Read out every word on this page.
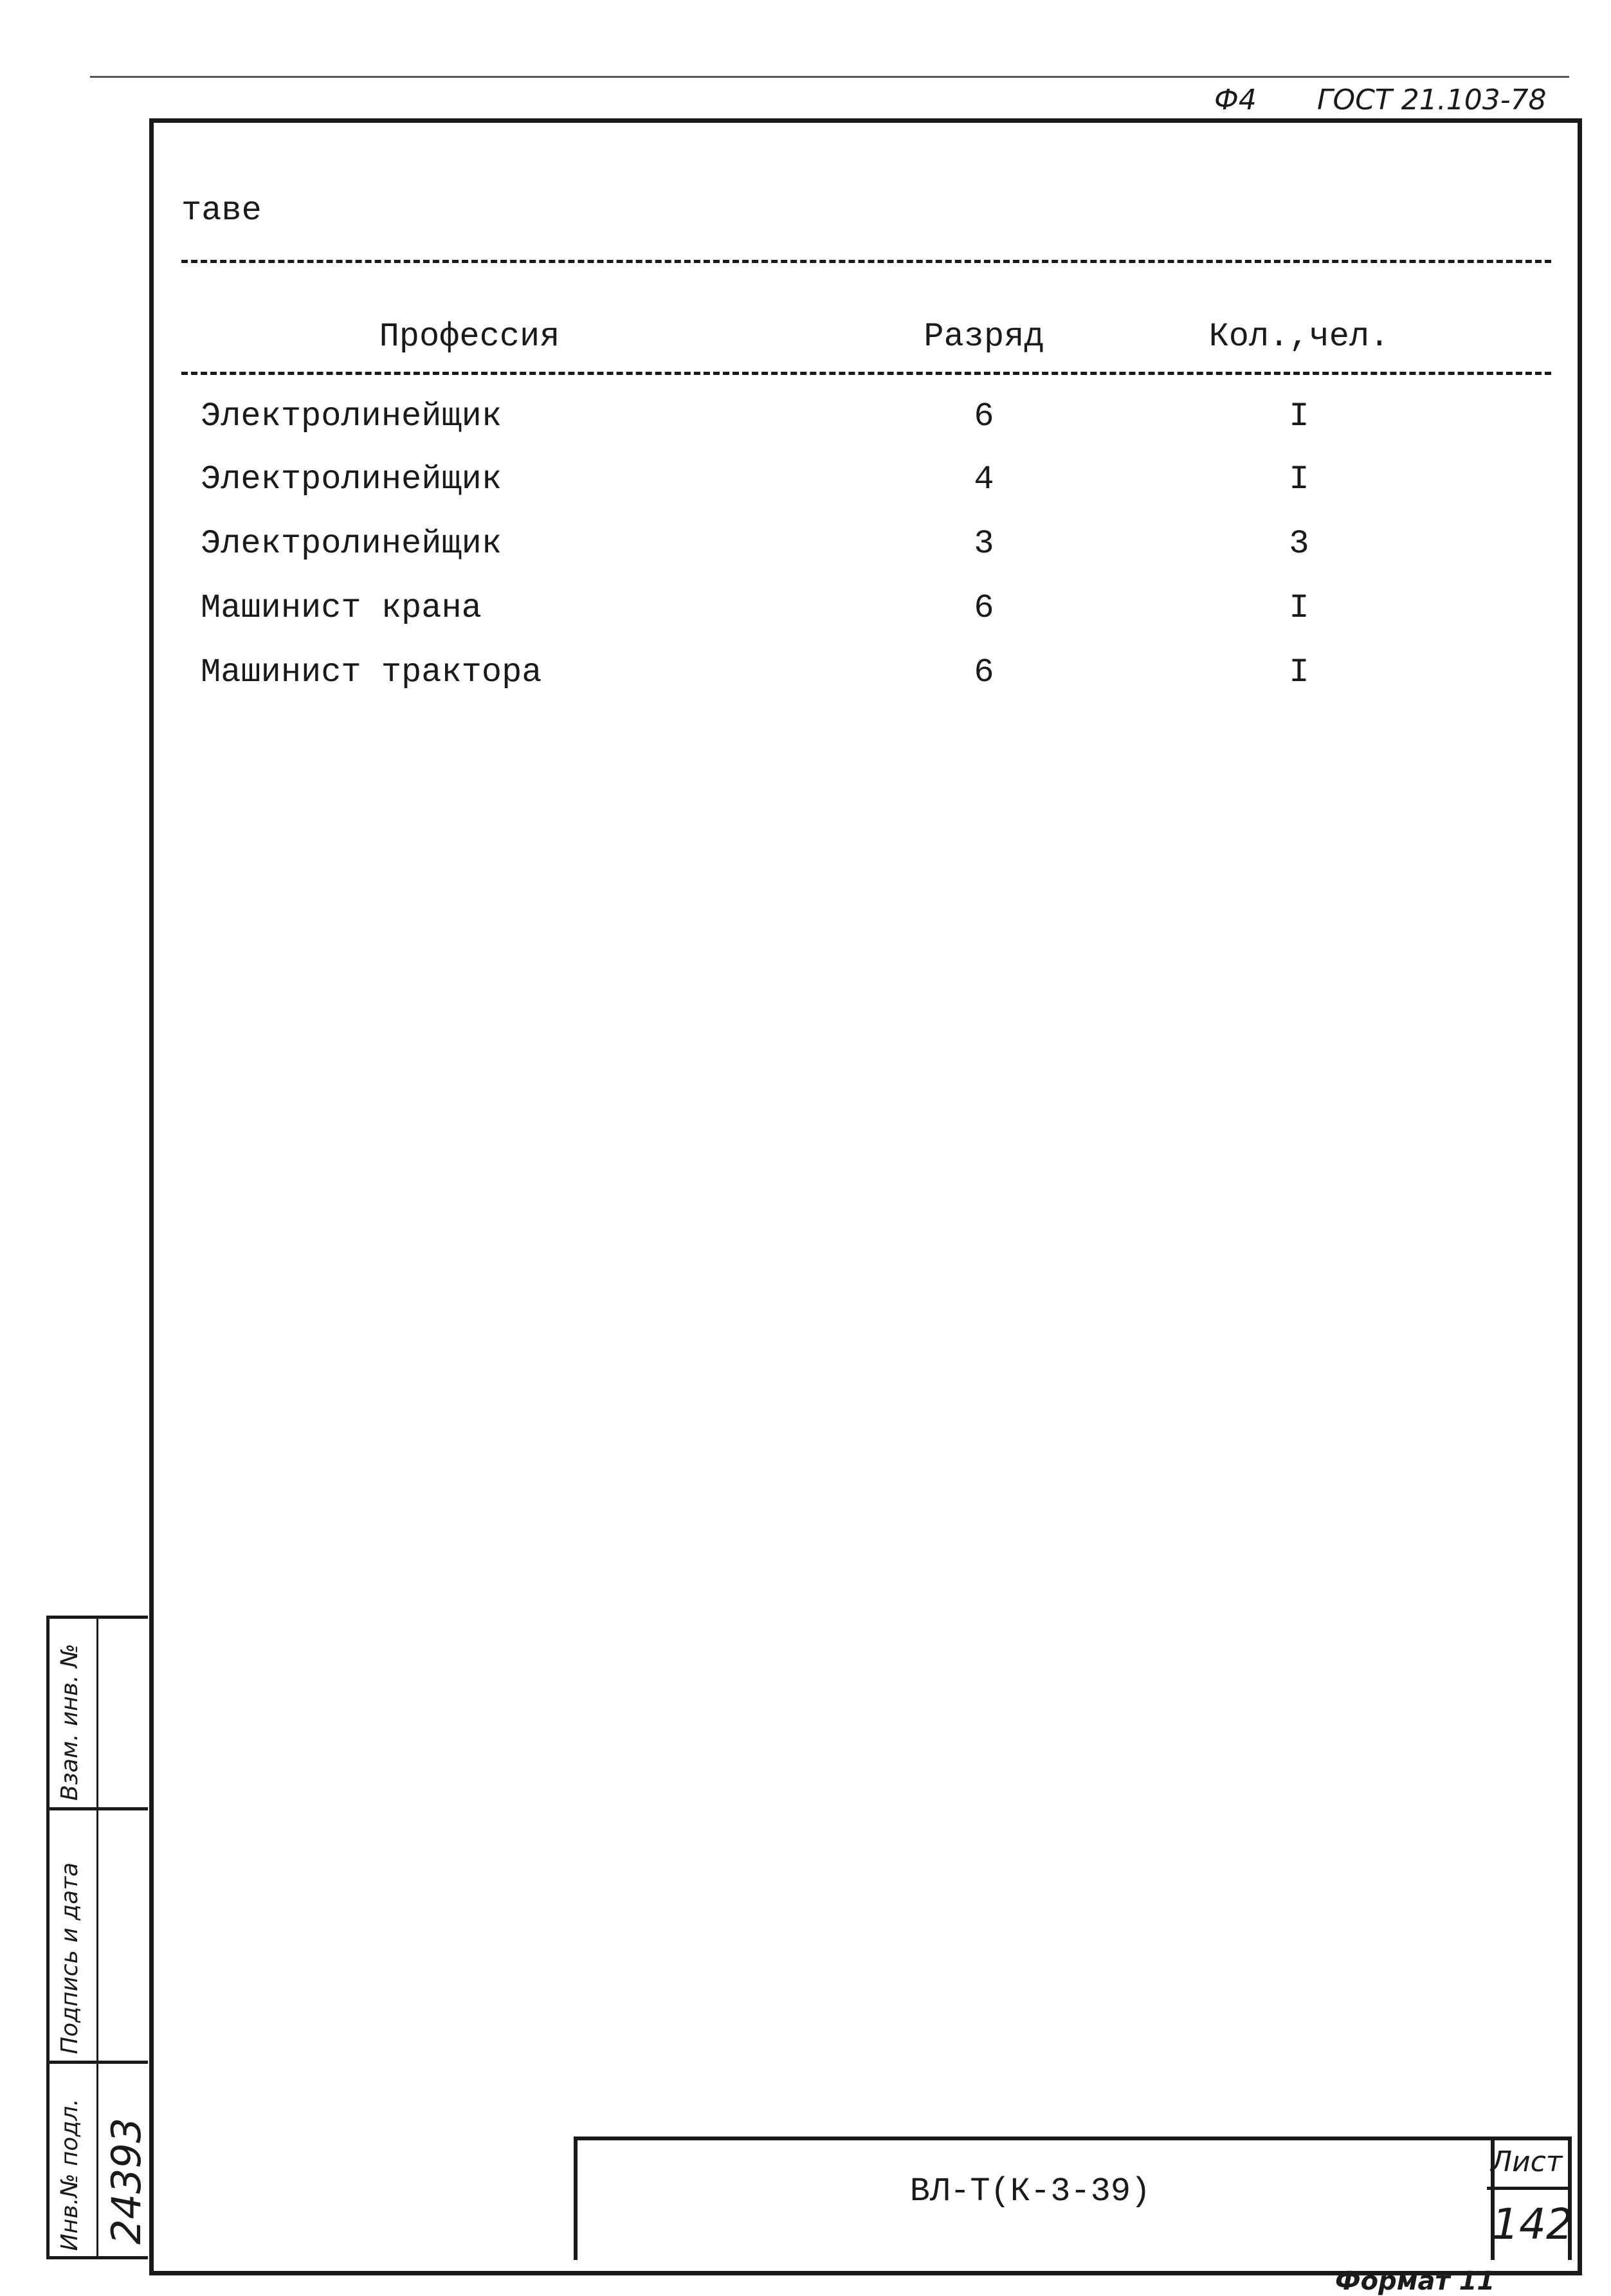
Ф4 ГОСТ 21.103-78
таве
Профессия	Разряд	Кол.,чел.
Электролинейщик	6	I
Электролинейщик	4	I
Электролинейщик	3	3
Машинист крана	6	I
Машинист трактора	6	I
Взам. инв. №
Подпись и дата
Инв.№ подл. 24393	ВЛ-Т(К-3-39)
Лист
142
Формат 11
